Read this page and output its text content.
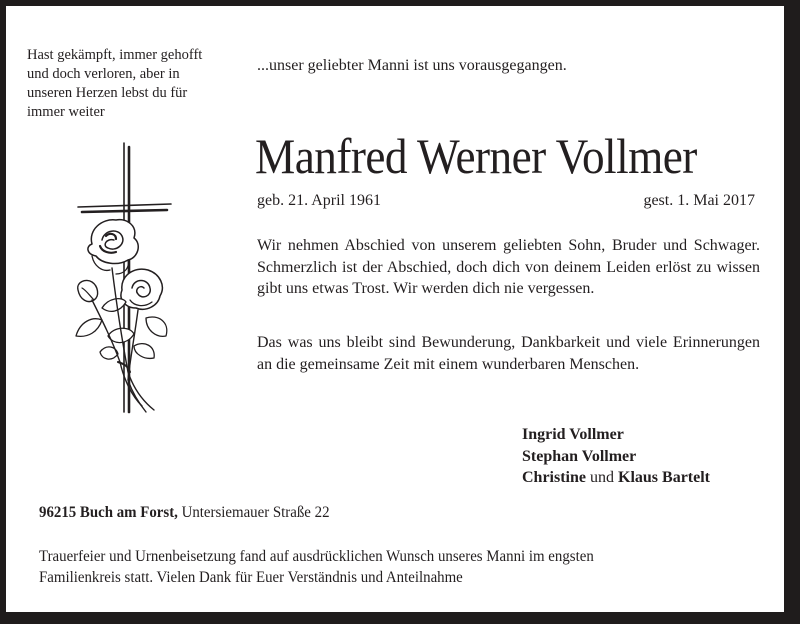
Hast gekämpft, immer gehofft
und doch verloren, aber in
unseren Herzen lebst du für
immer weiter
...unser geliebter Manni ist uns vorausgegangen.
Manfred Werner Vollmer
geb. 21. April 1961	gest. 1. Mai 2017
Wir nehmen Abschied von unserem geliebten Sohn, Bruder und Schwager. Schmerzlich ist der Abschied, doch dich von deinem Leiden erlöst zu wissen gibt uns etwas Trost. Wir werden dich nie vergessen.
Das was uns bleibt sind Bewunderung, Dankbarkeit und viele Erinnerungen an die gemeinsame Zeit mit einem wunderbaren Menschen.
Ingrid Vollmer
Stephan Vollmer
Christine und Klaus Bartelt
96215 Buch am Forst, Untersiemauer Straße 22
Trauerfeier und Urnenbeisetzung fand auf ausdrücklichen Wunsch unseres Manni im engsten
Familienkreis statt. Vielen Dank für Euer Verständnis und Anteilnahme
